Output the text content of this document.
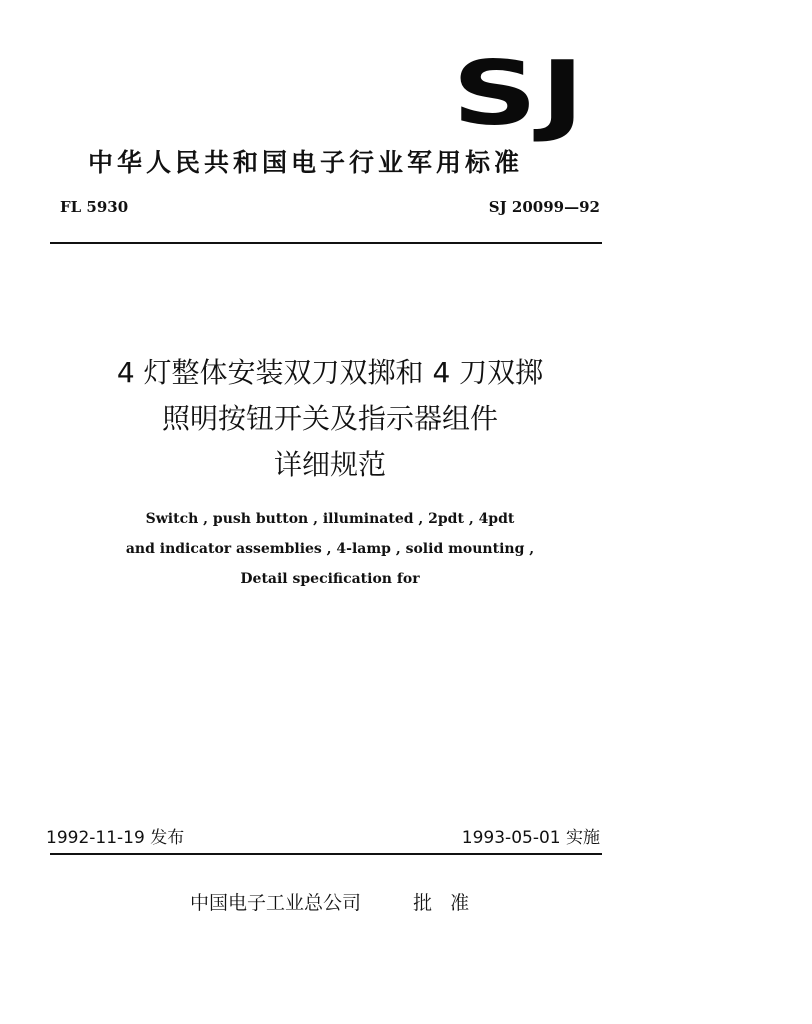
SJ
中华人民共和国电子行业军用标准
FL 5930	SJ 20099—92
4 灯整体安装双刀双掷和 4 刀双掷
照明按钮开关及指示器组件
详细规范
Switch , push button , illuminated , 2pdt , 4pdt
and indicator assemblies , 4-lamp , solid mounting ,
Detail specification for
1992-11-19 发布	1993-05-01 实施
中国电子工业总公司	批 准
